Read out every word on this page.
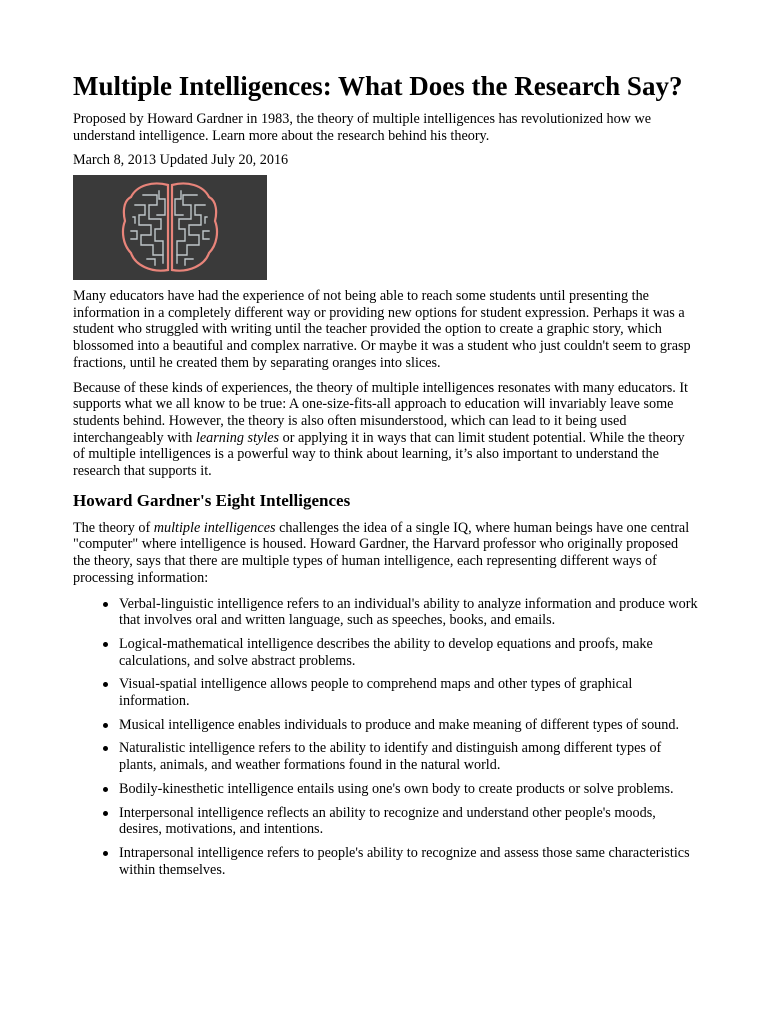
Multiple Intelligences: What Does the Research Say?

Proposed by Howard Gardner in 1983, the theory of multiple intelligences has revolutionized how we understand intelligence. Learn more about the research behind his theory.

March 8, 2013 Updated July 20, 2016

Many educators have had the experience of not being able to reach some students until presenting the information in a completely different way or providing new options for student expression. Perhaps it was a student who struggled with writing until the teacher provided the option to create a graphic story, which blossomed into a beautiful and complex narrative. Or maybe it was a student who just couldn't seem to grasp fractions, until he created them by separating oranges into slices.

Because of these kinds of experiences, the theory of multiple intelligences resonates with many educators. It supports what we all know to be true: A one-size-fits-all approach to education will invariably leave some students behind. However, the theory is also often misunderstood, which can lead to it being used interchangeably with learning styles or applying it in ways that can limit student potential. While the theory of multiple intelligences is a powerful way to think about learning, it’s also important to understand the research that supports it.

Howard Gardner's Eight Intelligences

The theory of multiple intelligences challenges the idea of a single IQ, where human beings have one central "computer" where intelligence is housed. Howard Gardner, the Harvard professor who originally proposed the theory, says that there are multiple types of human intelligence, each representing different ways of processing information:

Verbal-linguistic intelligence refers to an individual's ability to analyze information and produce work that involves oral and written language, such as speeches, books, and emails.
Logical-mathematical intelligence describes the ability to develop equations and proofs, make calculations, and solve abstract problems.
Visual-spatial intelligence allows people to comprehend maps and other types of graphical information.
Musical intelligence enables individuals to produce and make meaning of different types of sound.
Naturalistic intelligence refers to the ability to identify and distinguish among different types of plants, animals, and weather formations found in the natural world.
Bodily-kinesthetic intelligence entails using one's own body to create products or solve problems.
Interpersonal intelligence reflects an ability to recognize and understand other people's moods, desires, motivations, and intentions.
Intrapersonal intelligence refers to people's ability to recognize and assess those same characteristics within themselves.
